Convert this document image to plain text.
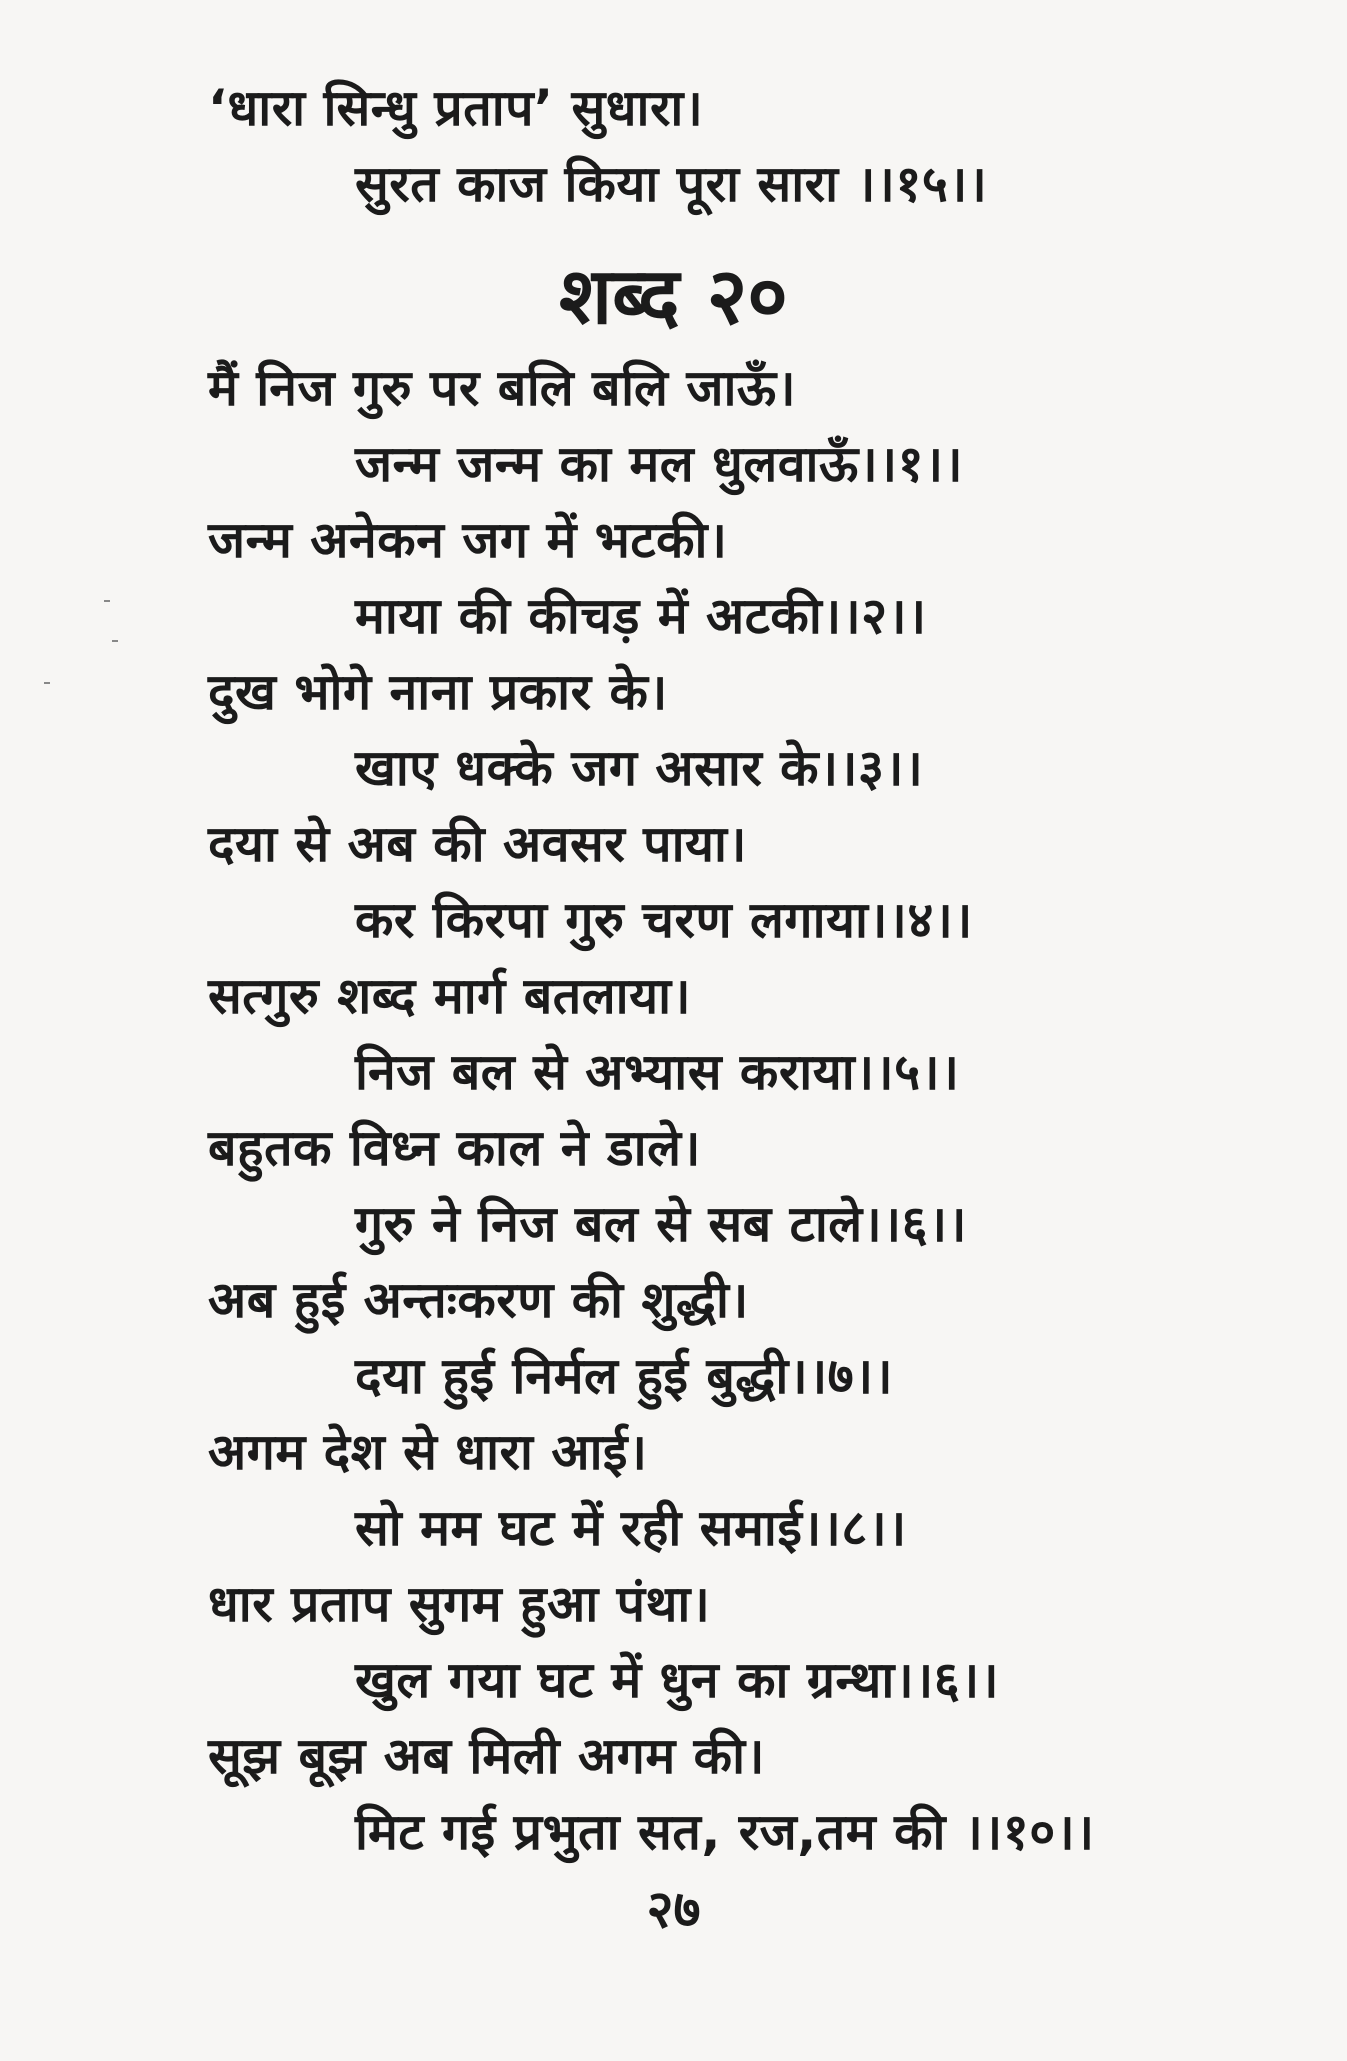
‘धारा सिन्धु प्रताप’ सुधारा।
सुरत काज किया पूरा सारा ।।१५।।
शब्द २०
मैं निज गुरु पर बलि बलि जाऊँ।
जन्म जन्म का मल धुलवाऊँ।।१।।
जन्म अनेकन जग में भटकी।
माया की कीचड़ में अटकी।।२।।
दुख भोगे नाना प्रकार के।
खाए धक्के जग असार के।।३।।
दया से अब की अवसर पाया।
कर किरपा गुरु चरण लगाया।।४।।
सत्गुरु शब्द मार्ग बतलाया।
निज बल से अभ्यास कराया।।५।।
बहुतक विध्न काल ने डाले।
गुरु ने निज बल से सब टाले।।६।।
अब हुई अन्तःकरण की शुद्धी।
दया हुई निर्मल हुई बुद्धी।।७।।
अगम देश से धारा आई।
सो मम घट में रही समाई।।८।।
धार प्रताप सुगम हुआ पंथा।
खुल गया घट में धुन का ग्रन्था।।६।।
सूझ बूझ अब मिली अगम की।
मिट गई प्रभुता सत, रज,तम की ।।१०।।
२७
